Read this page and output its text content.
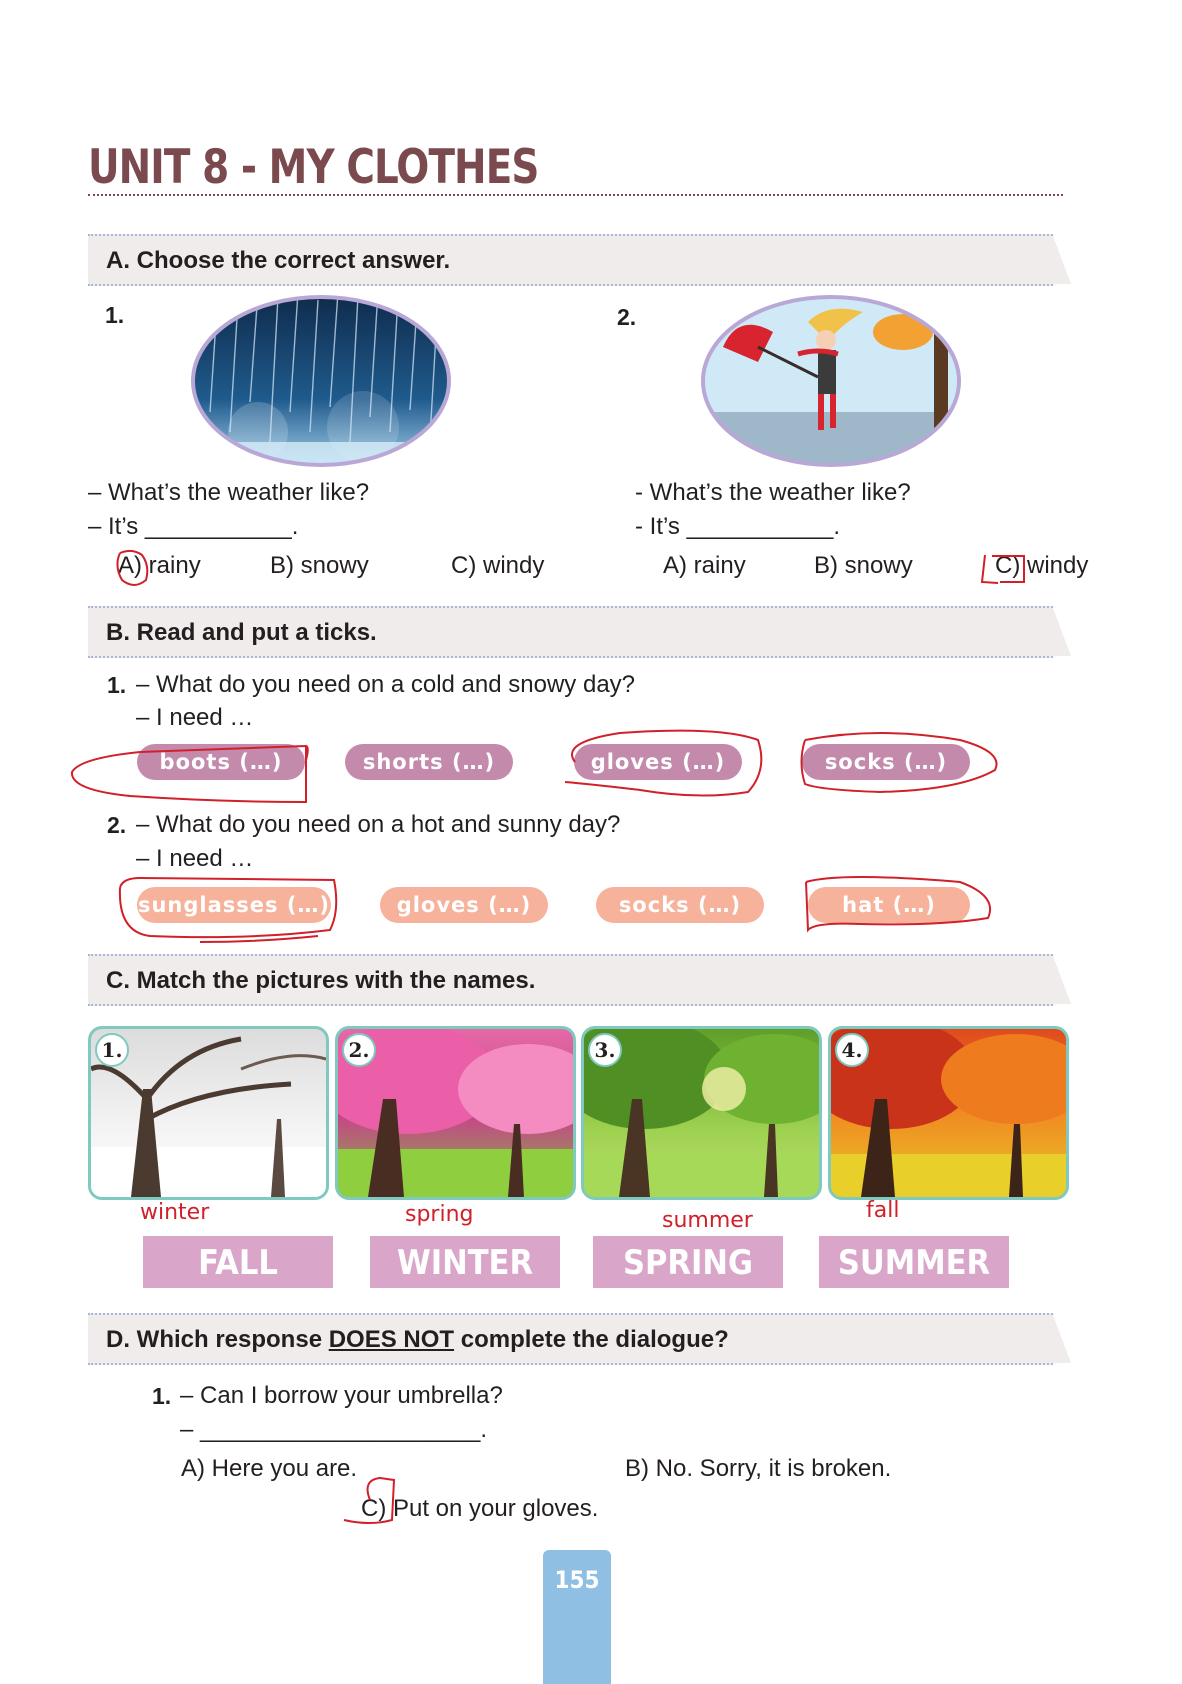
UNIT 8 - MY CLOTHES
A. Choose the correct answer.
1.	2.
– What’s the weather like?
– It’s ___________.
A) rainy	B) snowy	C) windy
- What’s the weather like?
- It’s ___________.
A) rainy	B) snowy	C) windy
B. Read and put a ticks.
1. – What do you need on a cold and snowy day?
– I need …
boots (…)	shorts (…)	gloves (…)	socks (…)
2. – What do you need on a hot and sunny day?
– I need …
sunglasses (…)	gloves (…)	socks (…)	hat (…)
C. Match the pictures with the names.
1.	2.	3.	4.
winter	spring	summer	fall
FALL	WINTER	SPRING	SUMMER
D. Which response DOES NOT complete the dialogue?
1. – Can I borrow your umbrella?
– _____________________.
A) Here you are.	B) No. Sorry, it is broken.
C) Put on your gloves.
155
